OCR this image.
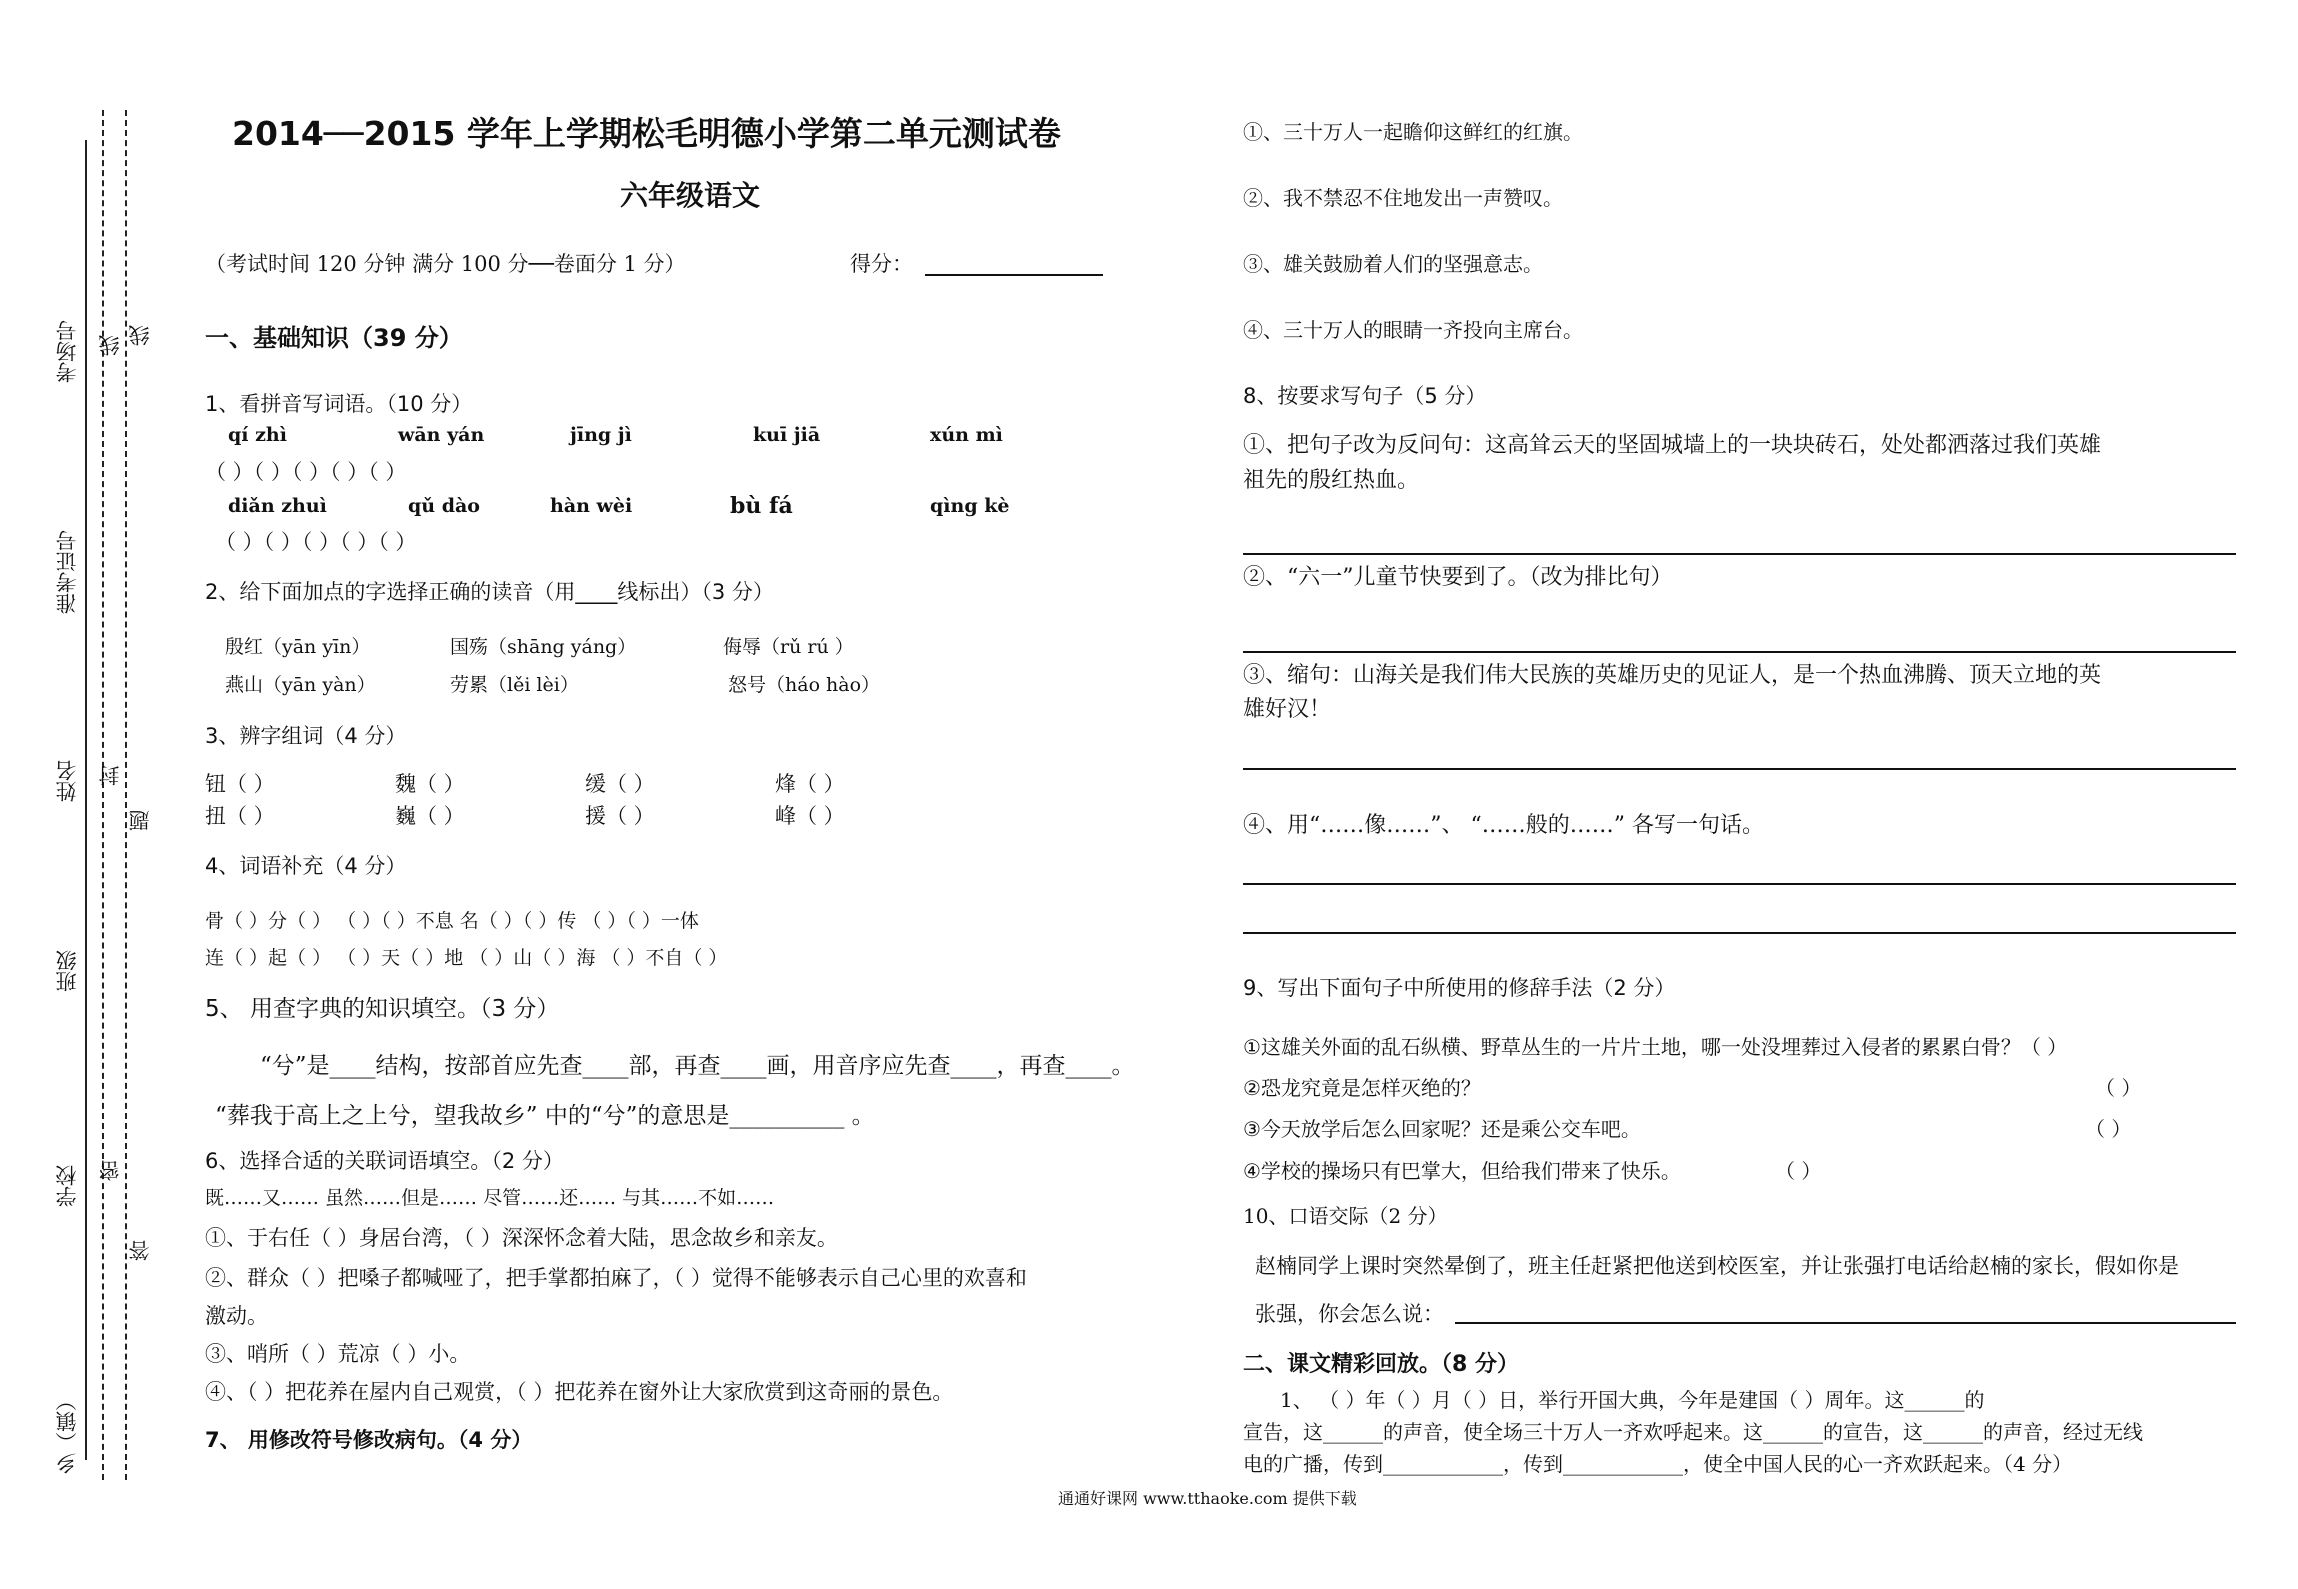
考场号
准考证号
姓名
班级
学校
乡（镇）
线 线
封
题
密
答
2014──2015 学年上学期松毛明德小学第二单元测试卷
六年级语文
（考试时间 120 分钟 满分 100 分──卷面分 1 分）	得分：
一、基础知识（39 分）
1、看拼音写词语。（10 分）
qí zhì	wān yán	jīng jì	kuī jiā	xún mì
（ ）（ ）（ ）（ ）（ ）
diǎn zhuì	qǔ dào	hàn wèi	bù fá	qìng kè
（ ）（ ）（ ）（ ）（ ）
2、给下面加点的字选择正确的读音（用____线标出）（3 分）
殷红（yān yīn）	国殇（shāng yáng）	侮辱（rǔ rú ）
燕山（yān yàn）	劳累（lěi lèi）	怒号（háo hào）
3、辨字组词（4 分）
钮（ ）	魏（ ）	缓（ ）	烽（ ）
扭（ ）	巍（ ）	援（ ）	峰（ ）
4、词语补充（4 分）
骨（ ）分（ ） （ ）（ ）不息 名（ ）（ ）传 （ ）（ ）一体
连（ ）起（ ） （ ）天（ ）地 （ ）山（ ）海 （ ）不自（ ）
5、 用查字典的知识填空。（3 分）
“兮”是____结构，按部首应先查____部，再查____画，用音序应先查____，再查____。
“葬我于高上之上兮，望我故乡” 中的“兮”的意思是__________ 。
6、选择合适的关联词语填空。（2 分）
既……又…… 虽然……但是…… 尽管……还…… 与其……不如……
①、于右任（ ）身居台湾，（ ）深深怀念着大陆，思念故乡和亲友。
②、群众（ ）把嗓子都喊哑了，把手掌都拍麻了，（ ）觉得不能够表示自己心里的欢喜和
激动。
③、哨所（ ）荒凉（ ）小。
④、（ ）把花养在屋内自己观赏，（ ）把花养在窗外让大家欣赏到这奇丽的景色。
7、 用修改符号修改病句。（4 分）
①、三十万人一起瞻仰这鲜红的红旗。
②、我不禁忍不住地发出一声赞叹。
③、雄关鼓励着人们的坚强意志。
④、三十万人的眼睛一齐投向主席台。
8、按要求写句子（5 分）
①、把句子改为反问句：这高耸云天的坚固城墙上的一块块砖石，处处都洒落过我们英雄
祖先的殷红热血。
②、“六一”儿童节快要到了。（改为排比句）
③、缩句：山海关是我们伟大民族的英雄历史的见证人，是一个热血沸腾、顶天立地的英
雄好汉！
④、用“……像……”、 “……般的……” 各写一句话。
9、写出下面句子中所使用的修辞手法（2 分）
①这雄关外面的乱石纵横、野草丛生的一片片土地，哪一处没埋葬过入侵者的累累白骨？（ ）
②恐龙究竟是怎样灭绝的？	（ ）
③今天放学后怎么回家呢？还是乘公交车吧。	（ ）
④学校的操场只有巴掌大，但给我们带来了快乐。	（ ）
10、口语交际（2 分）
赵楠同学上课时突然晕倒了，班主任赶紧把他送到校医室，并让张强打电话给赵楠的家长，假如你是
张强，你会怎么说：
二、课文精彩回放。（8 分）
1、 （ ）年（ ）月（ ）日，举行开国大典，今年是建国（ ）周年。这______的
宣告，这______的声音，使全场三十万人一齐欢呼起来。这______的宣告，这______的声音，经过无线
电的广播，传到____________，传到____________，使全中国人民的心一齐欢跃起来。（4 分）
通通好课网 www.tthaoke.com 提供下载
